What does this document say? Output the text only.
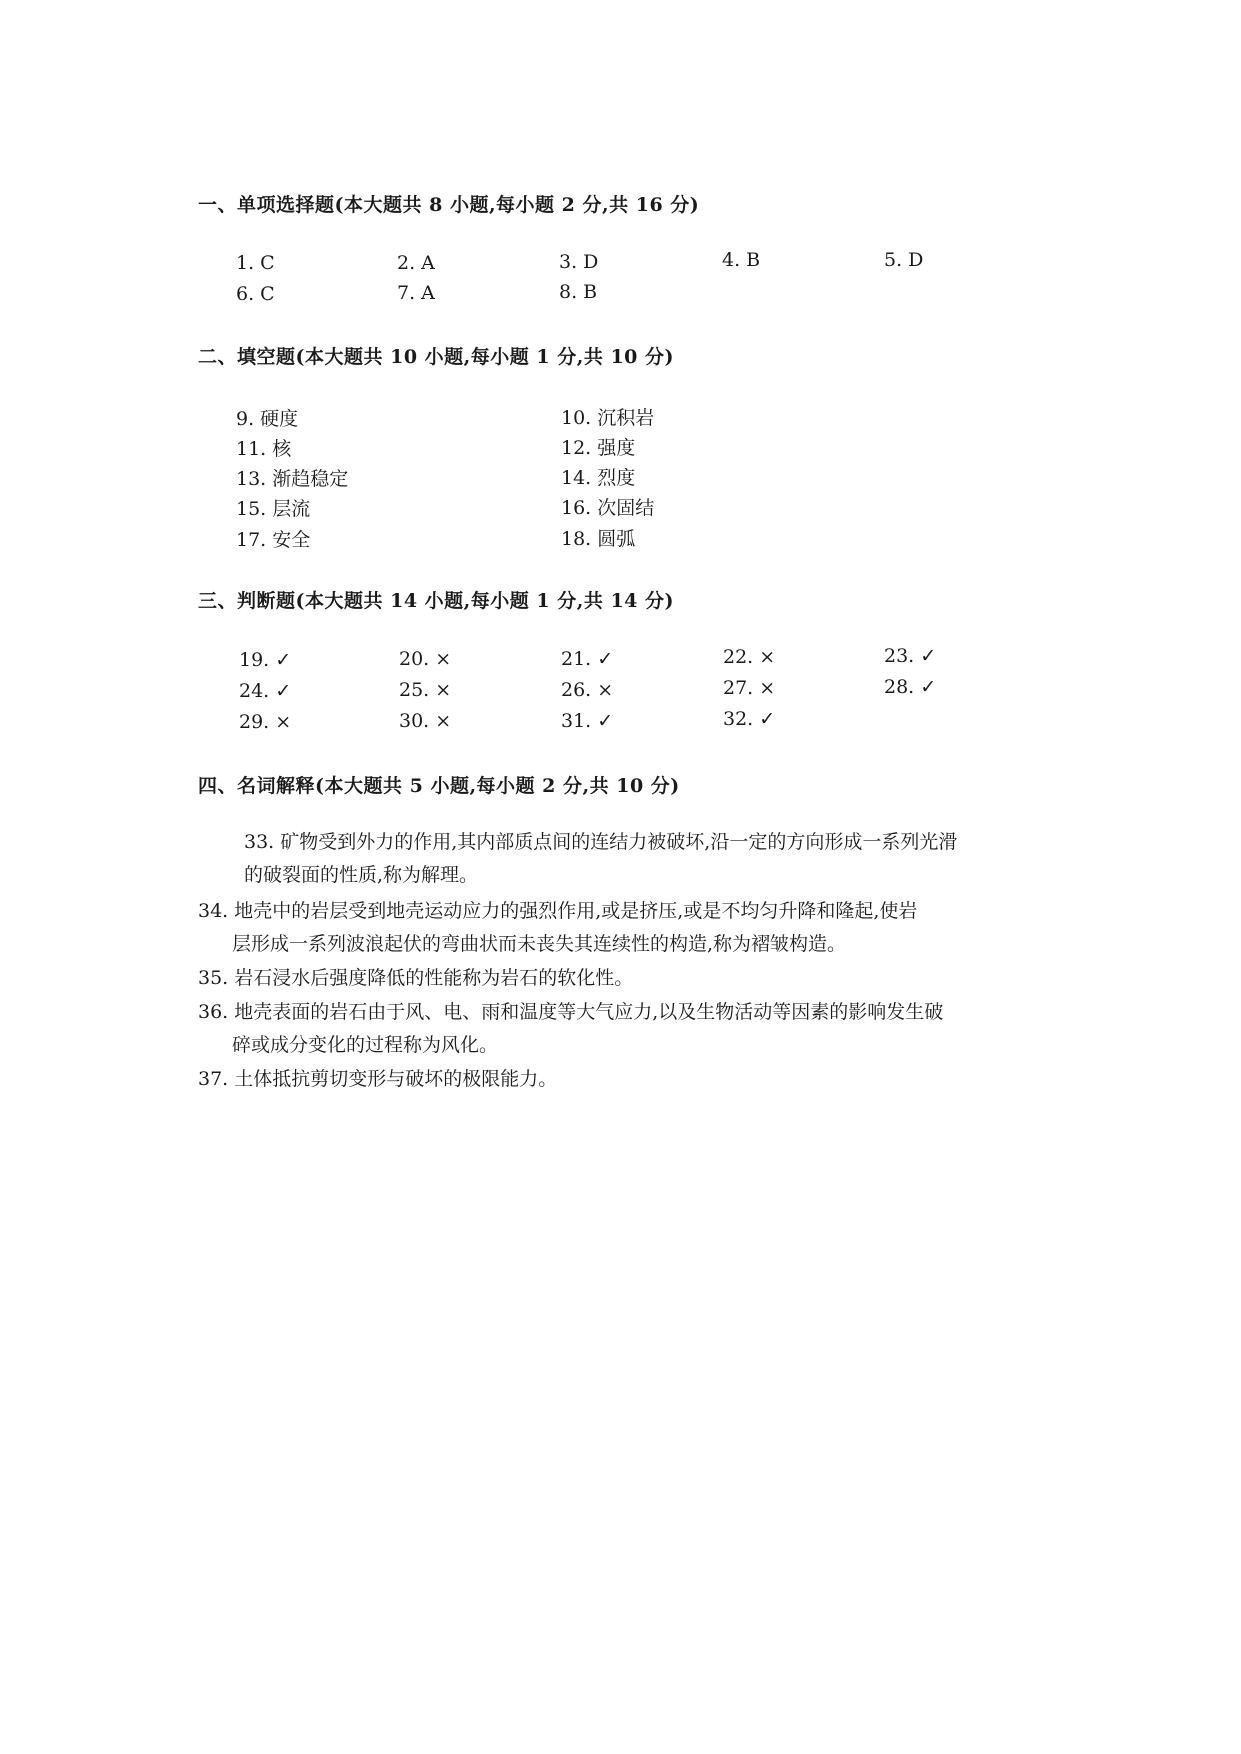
一、单项选择题(本大题共 8 小题,每小题 2 分,共 16 分)
1. C	2. A	3. D	4. B	5. D
6. C	7. A	8. B
二、填空题(本大题共 10 小题,每小题 1 分,共 10 分)
9. 硬度	10. 沉积岩
11. 核	12. 强度
13. 渐趋稳定	14. 烈度
15. 层流	16. 次固结
17. 安全	18. 圆弧
三、判断题(本大题共 14 小题,每小题 1 分,共 14 分)
19. ✓	20. ×	21. ✓	22. ×	23. ✓
24. ✓	25. ×	26. ×	27. ×	28. ✓
29. ×	30. ×	31. ✓	32. ✓
四、名词解释(本大题共 5 小题,每小题 2 分,共 10 分)
33. 矿物受到外力的作用,其内部质点间的连结力被破坏,沿一定的方向形成一系列光滑
的破裂面的性质,称为解理。
34. 地壳中的岩层受到地壳运动应力的强烈作用,或是挤压,或是不均匀升降和隆起,使岩
层形成一系列波浪起伏的弯曲状而未丧失其连续性的构造,称为褶皱构造。
35. 岩石浸水后强度降低的性能称为岩石的软化性。
36. 地壳表面的岩石由于风、电、雨和温度等大气应力,以及生物活动等因素的影响发生破
碎或成分变化的过程称为风化。
37. 土体抵抗剪切变形与破坏的极限能力。
